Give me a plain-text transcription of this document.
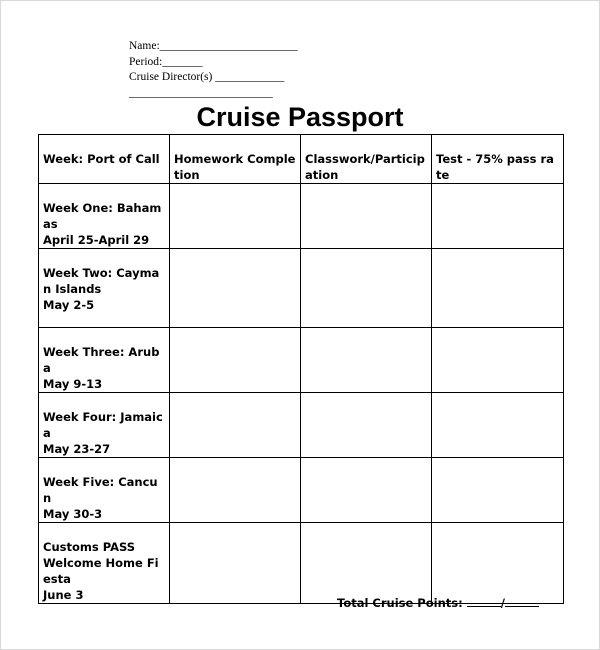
Name:________________________
Period:_______
Cruise Director(s) ____________
_________________________
Cruise Passport
Week: Port of Call	Homework Completion	Classwork/Participation	Test - 75% pass rate

Week One: Bahamas
April 25-April 29			

Week Two: Cayman Islands
May 2-5			

Week Three: Aruba
May 9-13			

Week Four: Jamaica
May 23-27			

Week Five: Cancun
May 30-3			

Customs PASS
Welcome Home Fiesta
June 3			

Total Cruise Points:	/
